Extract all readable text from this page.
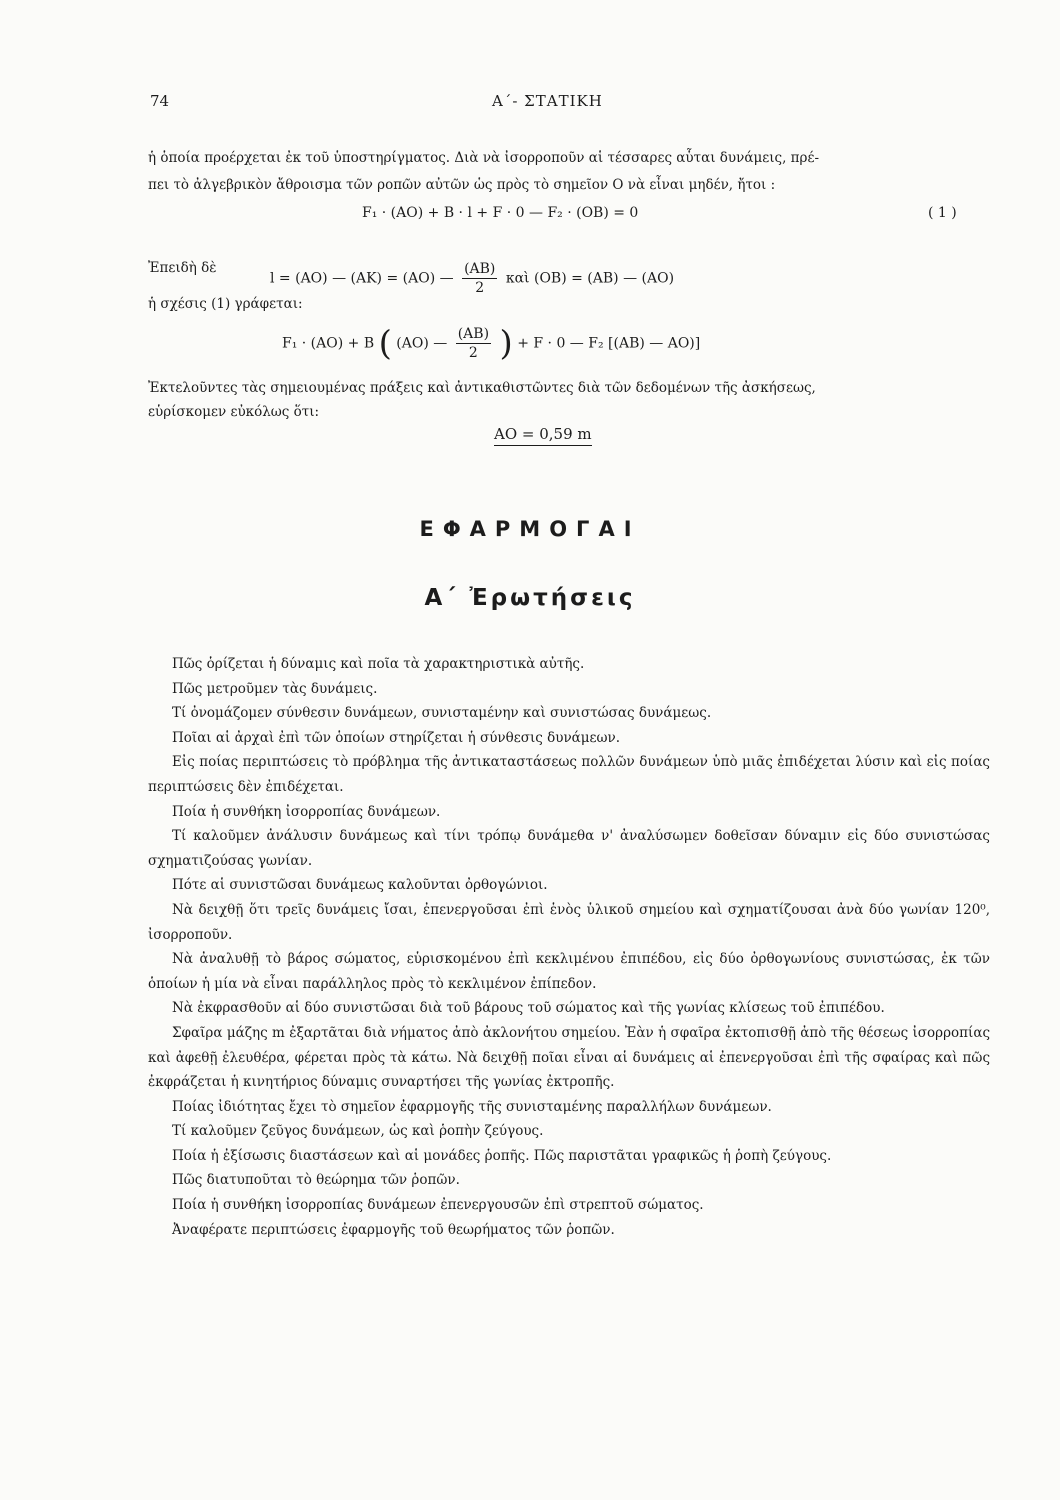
74	Α΄- ΣΤΑΤΙΚΗ
ἡ ὁποία προέρχεται ἐκ τοῦ ὑποστηρίγματος. Διὰ νὰ ἰσορροποῦν αἱ τέσσαρες αὗται δυνάμεις, πρέ-
πει τὸ ἀλγεβρικὸν ἄθροισμα τῶν ροπῶν αὐτῶν ὡς πρὸς τὸ σημεῖον Ο νὰ εἶναι μηδέν, ἤτοι :
F₁ · (ΑΟ) + Β · l + F · 0 — F₂ · (ΟΒ) = 0	( 1 )
Ἐπειδὴ δὲ
l = (ΑΟ) — (ΑΚ) = (ΑΟ) — $\frac{(AB)}{2}$ καὶ (ΟΒ) = (ΑΒ) — (ΑΟ)
ἡ σχέσις (1) γράφεται:
F₁ · (ΑΟ) + Β ( (ΑΟ) — $\frac{(AB)}{2}$ ) + F · 0 — F₂ [(ΑΒ) — ΑΟ)]
Ἐκτελοῦντες τὰς σημειουμένας πράξεις καὶ ἀντικαθιστῶντες διὰ τῶν δεδομένων τῆς ἀσκήσεως,
εὑρίσκομεν εὐκόλως ὅτι:
ΑΟ = 0,59 m
ΕΦΑΡΜΟΓΑΙ
Α΄ Ἐρωτήσεις
Πῶς ὁρίζεται ἡ δύναμις καὶ ποῖα τὰ χαρακτηριστικὰ αὐτῆς.
Πῶς μετροῦμεν τὰς δυνάμεις.
Τί ὀνομάζομεν σύνθεσιν δυνάμεων, συνισταμένην καὶ συνιστώσας δυνάμεως.
Ποῖαι αἱ ἀρχαὶ ἐπὶ τῶν ὁποίων στηρίζεται ἡ σύνθεσις δυνάμεων.
Εἰς ποίας περιπτώσεις τὸ πρόβλημα τῆς ἀντικαταστάσεως πολλῶν δυνάμεων ὑπὸ μιᾶς ἐπιδέχεται λύσιν καὶ εἰς ποίας περιπτώσεις δὲν ἐπιδέχεται.
Ποία ἡ συνθήκη ἰσορροπίας δυνάμεων.
Τί καλοῦμεν ἀνάλυσιν δυνάμεως καὶ τίνι τρόπῳ δυνάμεθα ν' ἀναλύσωμεν δοθεῖσαν δύναμιν εἰς δύο συνιστώσας σχηματιζούσας γωνίαν.
Πότε αἱ συνιστῶσαι δυνάμεως καλοῦνται ὀρθογώνιοι.
Νὰ δειχθῇ ὅτι τρεῖς δυνάμεις ἴσαι, ἐπενεργοῦσαι ἐπὶ ἑνὸς ὑλικοῦ σημείου καὶ σχηματίζουσαι ἀνὰ δύο γωνίαν 120⁰, ἰσορροποῦν.
Νὰ ἀναλυθῇ τὸ βάρος σώματος, εὑρισκομένου ἐπὶ κεκλιμένου ἐπιπέδου, εἰς δύο ὀρθογωνίους συνιστώσας, ἐκ τῶν ὁποίων ἡ μία νὰ εἶναι παράλληλος πρὸς τὸ κεκλιμένον ἐπίπεδον.
Νὰ ἐκφρασθοῦν αἱ δύο συνιστῶσαι διὰ τοῦ βάρους τοῦ σώματος καὶ τῆς γωνίας κλίσεως τοῦ ἐπιπέδου.
Σφαῖρα μάζης m ἐξαρτᾶται διὰ νήματος ἀπὸ ἀκλονήτου σημείου. Ἐὰν ἡ σφαῖρα ἐκτοπισθῇ ἀπὸ τῆς θέσεως ἰσορροπίας καὶ ἀφεθῇ ἐλευθέρα, φέρεται πρὸς τὰ κάτω. Νὰ δειχθῇ ποῖαι εἶναι αἱ δυνάμεις αἱ ἐπενεργοῦσαι ἐπὶ τῆς σφαίρας καὶ πῶς ἐκφράζεται ἡ κινητήριος δύναμις συναρτήσει τῆς γωνίας ἐκτροπῆς.
Ποίας ἰδιότητας ἔχει τὸ σημεῖον ἐφαρμογῆς τῆς συνισταμένης παραλλήλων δυνάμεων.
Τί καλοῦμεν ζεῦγος δυνάμεων, ὡς καὶ ῥοπὴν ζεύγους.
Ποία ἡ ἐξίσωσις διαστάσεων καὶ αἱ μονάδες ῥοπῆς. Πῶς παριστᾶται γραφικῶς ἡ ῥοπὴ ζεύγους.
Πῶς διατυποῦται τὸ θεώρημα τῶν ῥοπῶν.
Ποία ἡ συνθήκη ἰσορροπίας δυνάμεων ἐπενεργουσῶν ἐπὶ στρεπτοῦ σώματος.
Ἀναφέρατε περιπτώσεις ἐφαρμογῆς τοῦ θεωρήματος τῶν ῥοπῶν.
